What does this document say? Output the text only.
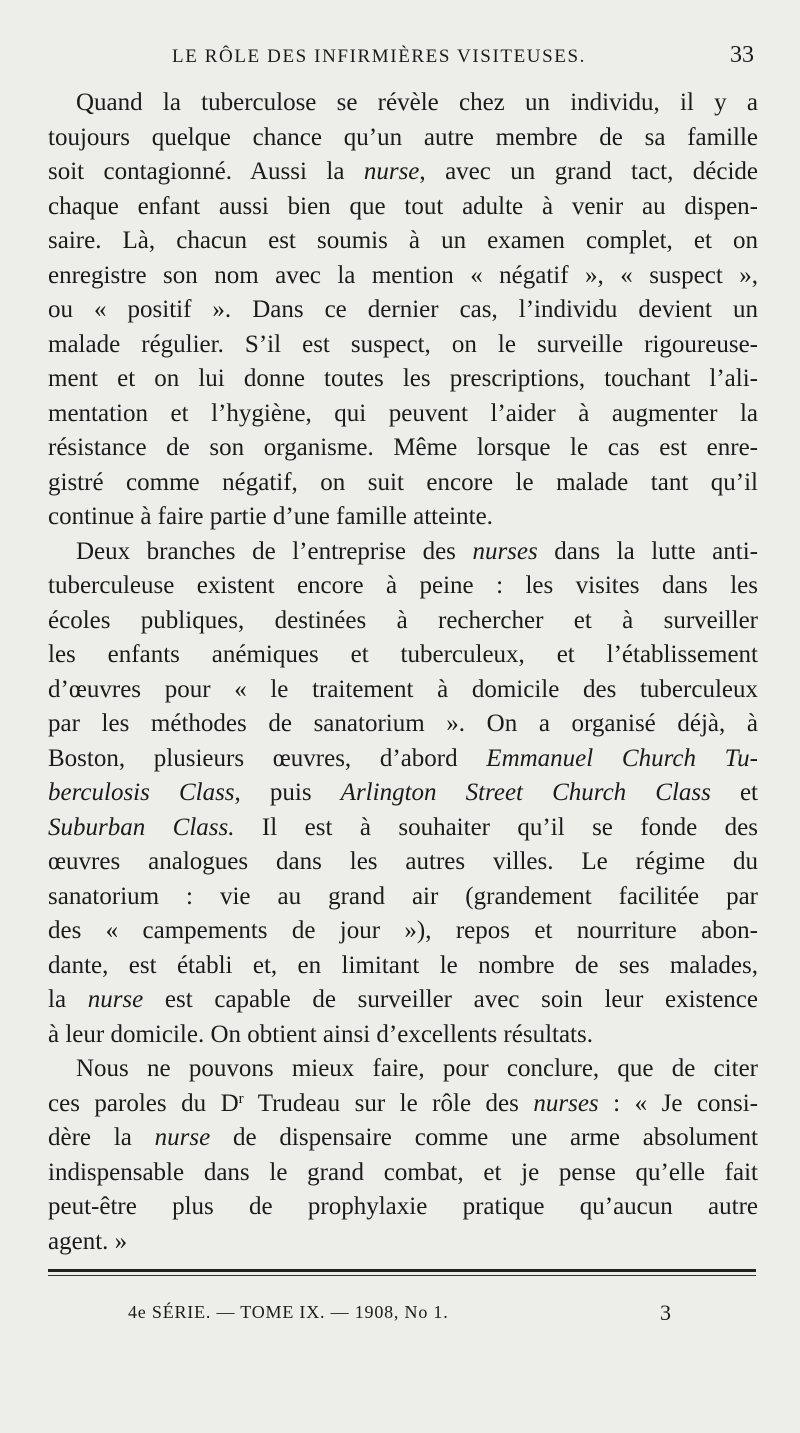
LE RÔLE DES INFIRMIÈRES VISITEUSES.	33
Quand la tuberculose se révèle chez un individu, il y a
toujours quelque chance qu’un autre membre de sa famille
soit contagionné. Aussi la nurse, avec un grand tact, décide
chaque enfant aussi bien que tout adulte à venir au dispen-
saire. Là, chacun est soumis à un examen complet, et on
enregistre son nom avec la mention « négatif », « suspect »,
ou « positif ». Dans ce dernier cas, l’individu devient un
malade régulier. S’il est suspect, on le surveille rigoureuse-
ment et on lui donne toutes les prescriptions, touchant l’ali-
mentation et l’hygiène, qui peuvent l’aider à augmenter la
résistance de son organisme. Même lorsque le cas est enre-
gistré comme négatif, on suit encore le malade tant qu’il
continue à faire partie d’une famille atteinte.
Deux branches de l’entreprise des nurses dans la lutte anti-
tuberculeuse existent encore à peine : les visites dans les
écoles publiques, destinées à rechercher et à surveiller
les enfants anémiques et tuberculeux, et l’établissement
d’œuvres pour « le traitement à domicile des tuberculeux
par les méthodes de sanatorium ». On a organisé déjà, à
Boston, plusieurs œuvres, d’abord Emmanuel Church Tu-
berculosis Class, puis Arlington Street Church Class et
Suburban Class. Il est à souhaiter qu’il se fonde des
œuvres analogues dans les autres villes. Le régime du
sanatorium : vie au grand air (grandement facilitée par
des « campements de jour »), repos et nourriture abon-
dante, est établi et, en limitant le nombre de ses malades,
la nurse est capable de surveiller avec soin leur existence
à leur domicile. On obtient ainsi d’excellents résultats.
Nous ne pouvons mieux faire, pour conclure, que de citer
ces paroles du $D^r$ Trudeau sur le rôle des nurses : « Je consi-
dère la nurse de dispensaire comme une arme absolument
indispensable dans le grand combat, et je pense qu’elle fait
peut-être plus de prophylaxie pratique qu’aucun autre
agent. »
4e SÉRIE. — TOME IX. — 1908, No 1.	3
